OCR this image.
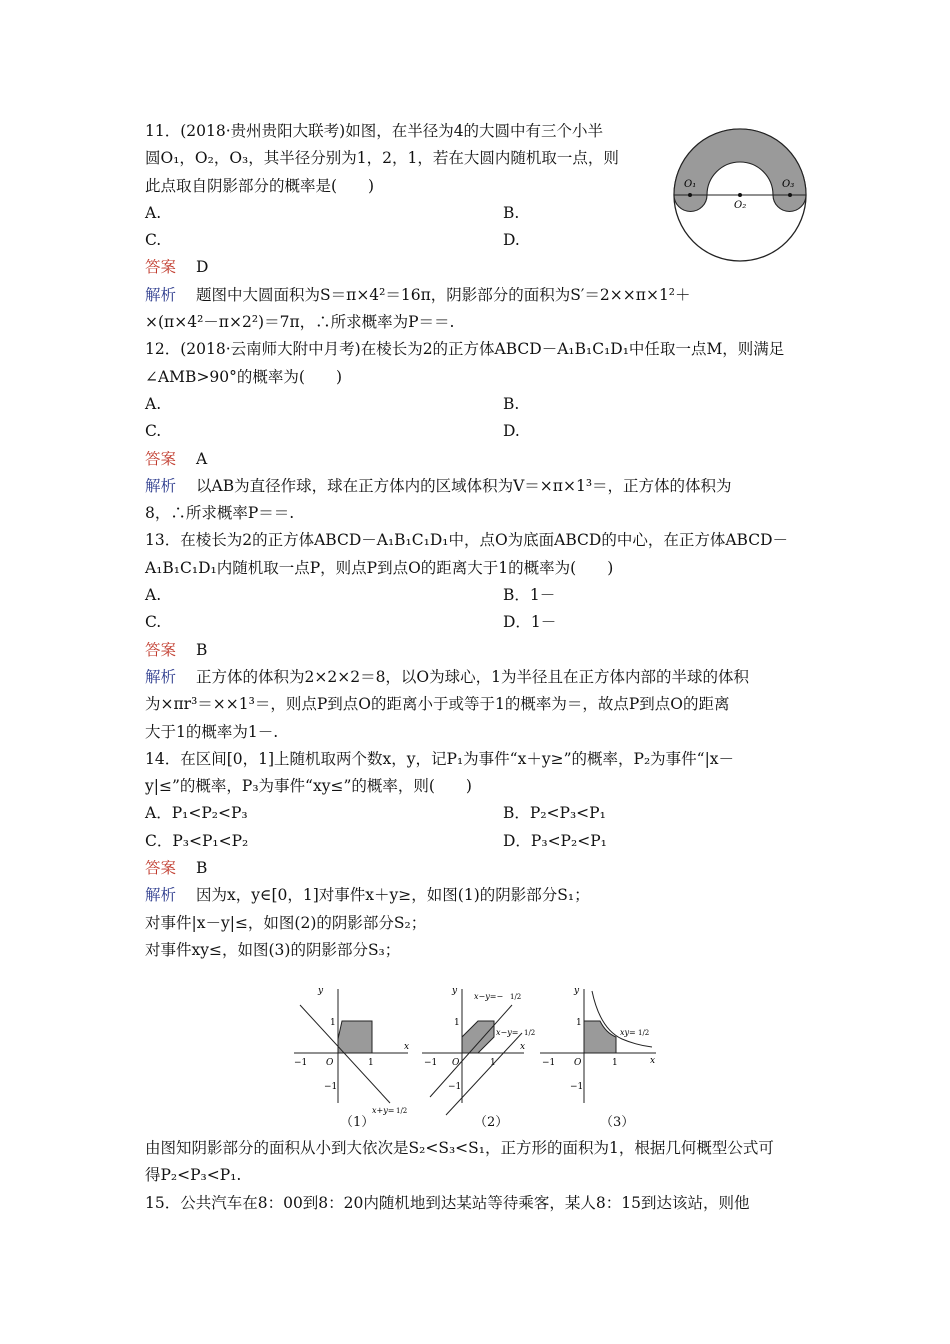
11．(2018·贵州贵阳大联考)如图，在半径为4的大圆中有三个小半
圆O₁，O₂，O₃，其半径分别为1，2，1，若在大圆内随机取一点，则
此点取自阴影部分的概率是(　　)
A.	B.
C.	D.
答案 D
解析 题图中大圆面积为S＝π×4²＝16π，阴影部分的面积为S′＝2××π×1²＋
×(π×4²－π×2²)＝7π，∴所求概率为P＝＝.
12．(2018·云南师大附中月考)在棱长为2的正方体ABCD－A₁B₁C₁D₁中任取一点M，则满足
∠AMB>90°的概率为(　　)
A.	B.
C.	D.
答案 A
解析 以AB为直径作球，球在正方体内的区域体积为V＝×π×1³＝，正方体的体积为
8，∴所求概率P＝＝.
13．在棱长为2的正方体ABCD－A₁B₁C₁D₁中，点O为底面ABCD的中心，在正方体ABCD－
A₁B₁C₁D₁内随机取一点P，则点P到点O的距离大于1的概率为(　　)
A.	B．1－
C.	D．1－
答案 B
解析 正方体的体积为2×2×2＝8，以O为球心，1为半径且在正方体内部的半球的体积
为×πr³＝××1³＝，则点P到点O的距离小于或等于1的概率为＝，故点P到点O的距离
大于1的概率为1－.
14．在区间[0，1]上随机取两个数x，y，记P₁为事件“x＋y≥”的概率，P₂为事件“|x－
y|≤”的概率，P₃为事件“xy≤”的概率，则(　　)
A．P₁<P₂<P₃	B．P₂<P₃<P₁
C．P₃<P₁<P₂	D．P₃<P₂<P₁
答案 B
解析 因为x，y∈[0，1]对事件x＋y≥，如图(1)的阴影部分S₁；
对事件|x－y|≤，如图(2)的阴影部分S₂；
对事件xy≤，如图(3)的阴影部分S₃；
由图知阴影部分的面积从小到大依次是S₂<S₃<S₁，正方形的面积为1，根据几何概型公式可
得P₂<P₃<P₁.
15．公共汽车在8：00到8：20内随机地到达某站等待乘客，某人8：15到达该站，则他
O₁
O₂
O₃
y
x
O	1
1
−1
−1
x+y= 1/2
y
x
O	1
1
−1
−1
x−y=− 1/2
x−y= 1/2
y
x
O	1
1
−1
−1
xy= 1/2
（1）	（2）	（3）
